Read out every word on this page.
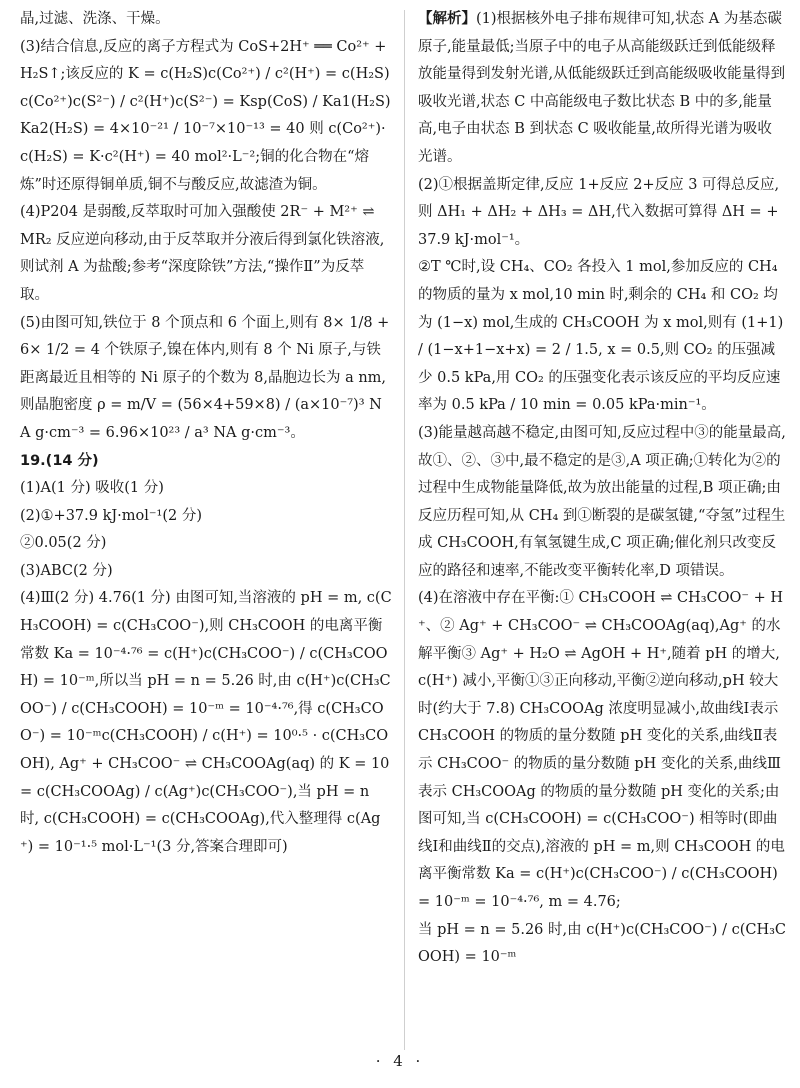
晶,过滤、洗涤、干燥。

(3)结合信息,反应的离子方程式为 CoS+2H⁺ ══ Co²⁺ + H₂S↑;该反应的 K = c(H₂S)c(Co²⁺) / c²(H⁺) = c(H₂S)c(Co²⁺)c(S²⁻) / c²(H⁺)c(S²⁻) = Ksp(CoS) / Ka1(H₂S)Ka2(H₂S) = 4×10⁻²¹ / 10⁻⁷×10⁻¹³ = 40 则 c(Co²⁺)·c(H₂S) = K·c²(H⁺) = 40 mol²·L⁻²;铜的化合物在“熔炼”时还原得铜单质,铜不与酸反应,故滤渣为铜。

(4)P204 是弱酸,反萃取时可加入强酸使 2R⁻ + M²⁺ ⇌ MR₂ 反应逆向移动,由于反萃取并分液后得到氯化铁溶液,则试剂 A 为盐酸;参考“深度除铁”方法,“操作Ⅱ”为反萃取。

(5)由图可知,铁位于 8 个顶点和 6 个面上,则有 8× 1/8 + 6× 1/2 = 4 个铁原子,镍在体内,则有 8 个 Ni 原子,与铁距离最近且相等的 Ni 原子的个数为 8,晶胞边长为 a nm,则晶胞密度 ρ = m/V = (56×4+59×8) / (a×10⁻⁷)³ NA g·cm⁻³ = 6.96×10²³ / a³ NA g·cm⁻³。

19.(14 分)

(1)A(1 分) 吸收(1 分)

(2)①+37.9 kJ·mol⁻¹(2 分)

②0.05(2 分)

(3)ABC(2 分)

(4)Ⅲ(2 分) 4.76(1 分) 由图可知,当溶液的 pH = m, c(CH₃COOH) = c(CH₃COO⁻),则 CH₃COOH 的电离平衡常数 Ka = 10⁻⁴·⁷⁶ = c(H⁺)c(CH₃COO⁻) / c(CH₃COOH) = 10⁻ᵐ,所以当 pH = n = 5.26 时,由 c(H⁺)c(CH₃COO⁻) / c(CH₃COOH) = 10⁻ᵐ = 10⁻⁴·⁷⁶,得 c(CH₃COO⁻) = 10⁻ᵐc(CH₃COOH) / c(H⁺) = 10⁰·⁵ · c(CH₃COOH), Ag⁺ + CH₃COO⁻ ⇌ CH₃COOAg(aq) 的 K = 10 = c(CH₃COOAg) / c(Ag⁺)c(CH₃COO⁻),当 pH = n 时, c(CH₃COOH) = c(CH₃COOAg),代入整理得 c(Ag⁺) = 10⁻¹·⁵ mol·L⁻¹(3 分,答案合理即可)

【解析】(1)根据核外电子排布规律可知,状态 A 为基态碳原子,能量最低;当原子中的电子从高能级跃迁到低能级释放能量得到发射光谱,从低能级跃迁到高能级吸收能量得到吸收光谱,状态 C 中高能级电子数比状态 B 中的多,能量高,电子由状态 B 到状态 C 吸收能量,故所得光谱为吸收光谱。

(2)①根据盖斯定律,反应 1+反应 2+反应 3 可得总反应,则 ΔH₁ + ΔH₂ + ΔH₃ = ΔH,代入数据可算得 ΔH = +37.9 kJ·mol⁻¹。

②T ℃时,设 CH₄、CO₂ 各投入 1 mol,参加反应的 CH₄ 的物质的量为 x mol,10 min 时,剩余的 CH₄ 和 CO₂ 均为 (1−x) mol,生成的 CH₃COOH 为 x mol,则有 (1+1) / (1−x+1−x+x) = 2 / 1.5, x = 0.5,则 CO₂ 的压强减少 0.5 kPa,用 CO₂ 的压强变化表示该反应的平均反应速率为 0.5 kPa / 10 min = 0.05 kPa·min⁻¹。

(3)能量越高越不稳定,由图可知,反应过程中③的能量最高,故①、②、③中,最不稳定的是③,A 项正确;①转化为②的过程中生成物能量降低,故为放出能量的过程,B 项正确;由反应历程可知,从 CH₄ 到①断裂的是碳氢键,“夺氢”过程生成 CH₃COOH,有氧氢键生成,C 项正确;催化剂只改变反应的路径和速率,不能改变平衡转化率,D 项错误。

(4)在溶液中存在平衡:① CH₃COOH ⇌ CH₃COO⁻ + H⁺、② Ag⁺ + CH₃COO⁻ ⇌ CH₃COOAg(aq),Ag⁺ 的水解平衡③ Ag⁺ + H₂O ⇌ AgOH + H⁺,随着 pH 的增大, c(H⁺) 减小,平衡①③正向移动,平衡②逆向移动,pH 较大时(约大于 7.8) CH₃COOAg 浓度明显减小,故曲线Ⅰ表示 CH₃COOH 的物质的量分数随 pH 变化的关系,曲线Ⅱ表示 CH₃COO⁻ 的物质的量分数随 pH 变化的关系,曲线Ⅲ表示 CH₃COOAg 的物质的量分数随 pH 变化的关系;由图可知,当 c(CH₃COOH) = c(CH₃COO⁻) 相等时(即曲线Ⅰ和曲线Ⅱ的交点),溶液的 pH = m,则 CH₃COOH 的电离平衡常数 Ka = c(H⁺)c(CH₃COO⁻) / c(CH₃COOH) = 10⁻ᵐ = 10⁻⁴·⁷⁶, m = 4.76;

当 pH = n = 5.26 时,由 c(H⁺)c(CH₃COO⁻) / c(CH₃COOH) = 10⁻ᵐ

· 4 ·
